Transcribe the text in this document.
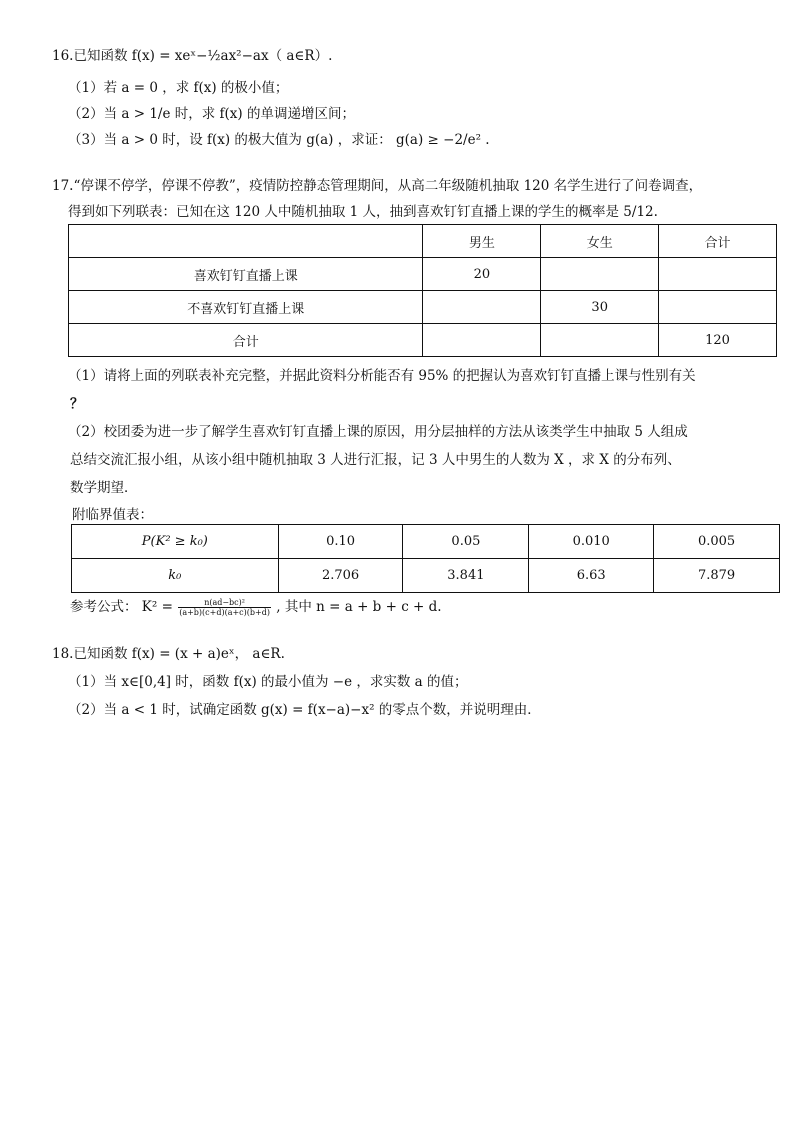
16.已知函数 f(x) = xeˣ−½ax²−ax（ a∈R）.
（1）若 a = 0 ，求 f(x) 的极小值；
（2）当 a > 1/e 时，求 f(x) 的单调递增区间；
（3）当 a > 0 时，设 f(x) 的极大值为 g(a) ，求证： g(a) ≥ −2/e² .
17.“停课不停学，停课不停教”，疫情防控静态管理期间，从高二年级随机抽取 120 名学生进行了问卷调查，
得到如下列联表：已知在这 120 人中随机抽取 1 人，抽到喜欢钉钉直播上课的学生的概率是 5/12.
	男生	女生	合计
喜欢钉钉直播上课	20		
不喜欢钉钉直播上课		30	
合计			120
（1）请将上面的列联表补充完整，并据此资料分析能否有 95% 的把握认为喜欢钉钉直播上课与性别有关
？
（2）校团委为进一步了解学生喜欢钉钉直播上课的原因，用分层抽样的方法从该类学生中抽取 5 人组成
总结交流汇报小组，从该小组中随机抽取 3 人进行汇报，记 3 人中男生的人数为 X ，求 X 的分布列、
数学期望．
附临界值表：
P(K² ≥ k₀)	0.10	0.05	0.010	0.005
k₀	2.706	3.841	6.63	7.879
参考公式： $K^2 = \frac{\text{n(ad−bc)²}}{(a+b)(c+d)(a+c)(b+d)}$ , 其中 n = a + b + c + d.
18.已知函数 f(x) = (x + a)eˣ， a∈R.
（1）当 x∈[0,4] 时，函数 f(x) 的最小值为 −e ，求实数 a 的值；
（2）当 a < 1 时，试确定函数 g(x) = f(x−a)−x² 的零点个数，并说明理由．
